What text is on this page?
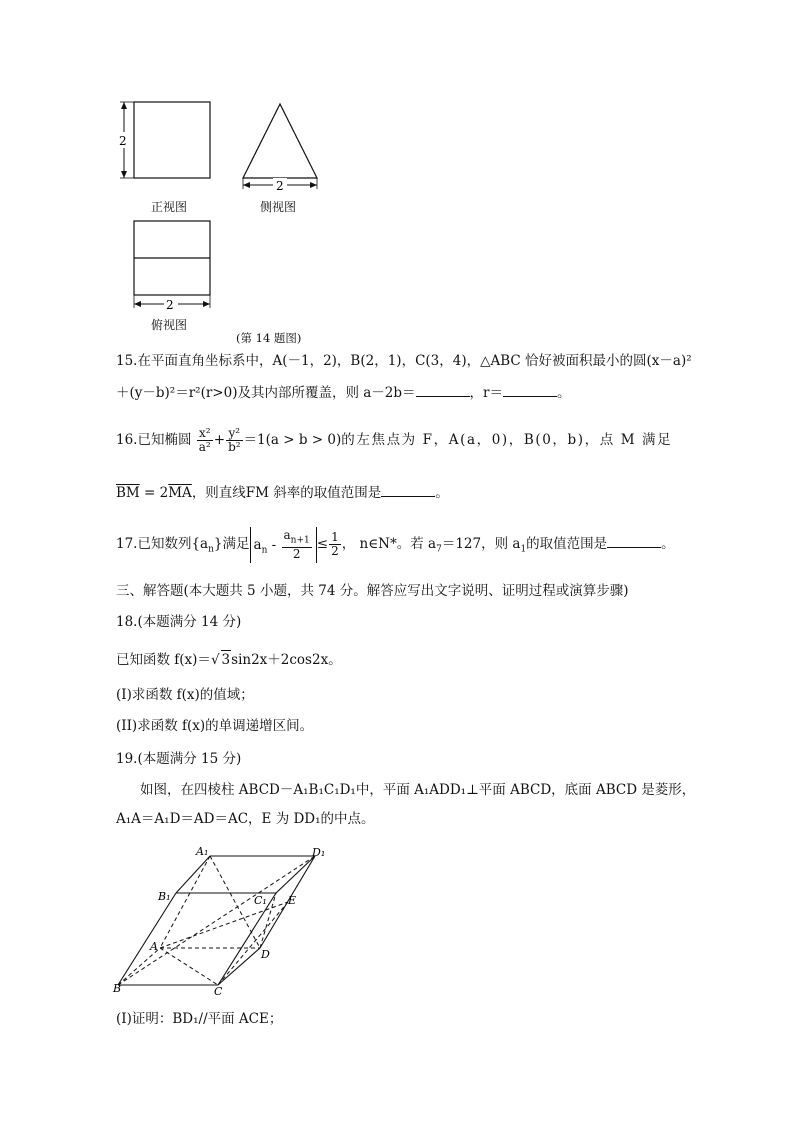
2
2
2
正视图	侧视图
俯视图
(第 14 题图)
15.在平面直角坐标系中，A(－1，2)，B(2，1)，C(3，4)，△ABC 恰好被面积最小的圆(x－a)²
＋(y－b)²＝r²(r>0)及其内部所覆盖，则 a－2b＝	，r＝	。
16.已知椭圆 $\frac{\text{x²}}{\text{a²}} + \frac{\text{y²}}{\text{b²}} =1(a > b > 0)$的左焦点为 F，A(a，0)，B(0，b)，点 M 满足
$\overline{BM} = 2\overline{MA}$，则直线FM 斜率的取值范围是	。
17.已知数列$\{a_n\}$满足 $a_n - \frac{a_{n+1}}{2} \le \frac{1}{2}$ ， n∈N*。若 $a_7=127$，则 $a_1$的取值范围是	。
三、解答题(本大题共 5 小题，共 74 分。解答应写出文字说明、证明过程或演算步骤)
18.(本题满分 14 分)
已知函数 f(x)＝√ 3sin2x＋2cos2x。
(I)求函数 f(x)的值域；
(II)求函数 f(x)的单调递增区间。
19.(本题满分 15 分)
如图，在四棱柱 ABCD－A₁B₁C₁D₁中，平面 A₁ADD₁⊥平面 ABCD，底面 ABCD 是菱形，
A₁A＝A₁D＝AD＝AC，E 为 DD₁的中点。
A₁	D₁
B₁	C₁ E
A
D
B	C
(I)证明：BD₁//平面 ACE；
